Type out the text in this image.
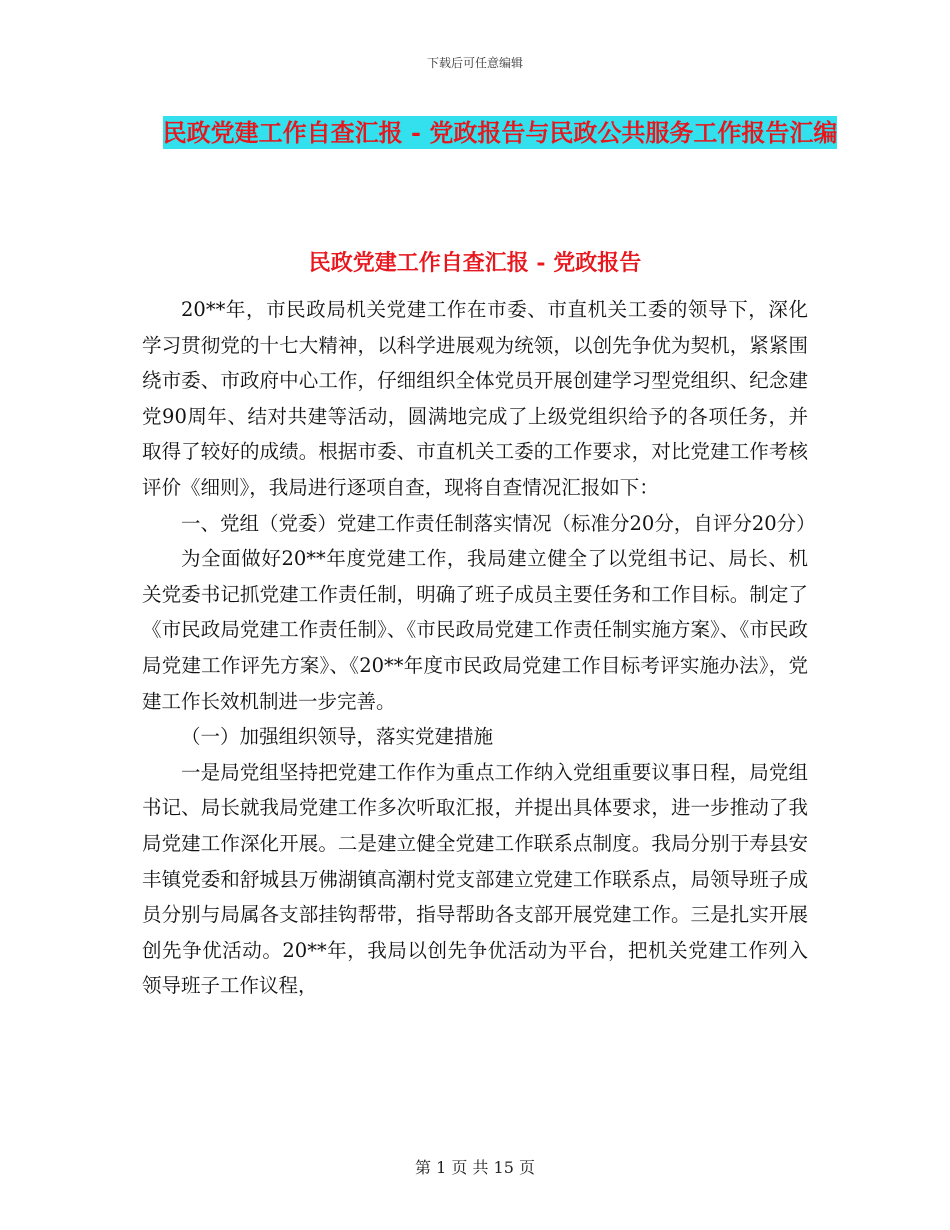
下载后可任意编辑
民政党建工作自查汇报 - 党政报告与民政公共服务工作报告汇编
民政党建工作自查汇报 - 党政报告

20**年，市民政局机关党建工作在市委、市直机关工委的领导下，深化学习贯彻党的十七大精神，以科学进展观为统领，以创先争优为契机，紧紧围绕市委、市政府中心工作，仔细组织全体党员开展创建学习型党组织、纪念建党90周年、结对共建等活动，圆满地完成了上级党组织给予的各项任务，并取得了较好的成绩。根据市委、市直机关工委的工作要求，对比党建工作考核评价《细则》，我局进行逐项自查，现将自查情况汇报如下：

一、党组（党委）党建工作责任制落实情况（标准分20分，自评分20分）

为全面做好20**年度党建工作，我局建立健全了以党组书记、局长、机关党委书记抓党建工作责任制，明确了班子成员主要任务和工作目标。制定了《市民政局党建工作责任制》、《市民政局党建工作责任制实施方案》、《市民政局党建工作评先方案》、《20**年度市民政局党建工作目标考评实施办法》，党建工作长效机制进一步完善。

（一）加强组织领导，落实党建措施

一是局党组坚持把党建工作作为重点工作纳入党组重要议事日程，局党组书记、局长就我局党建工作多次听取汇报，并提出具体要求，进一步推动了我局党建工作深化开展。二是建立健全党建工作联系点制度。我局分别于寿县安丰镇党委和舒城县万佛湖镇高潮村党支部建立党建工作联系点，局领导班子成员分别与局属各支部挂钩帮带，指导帮助各支部开展党建工作。三是扎实开展创先争优活动。20**年，我局以创先争优活动为平台，把机关党建工作列入领导班子工作议程，

第 1 页 共 15 页
